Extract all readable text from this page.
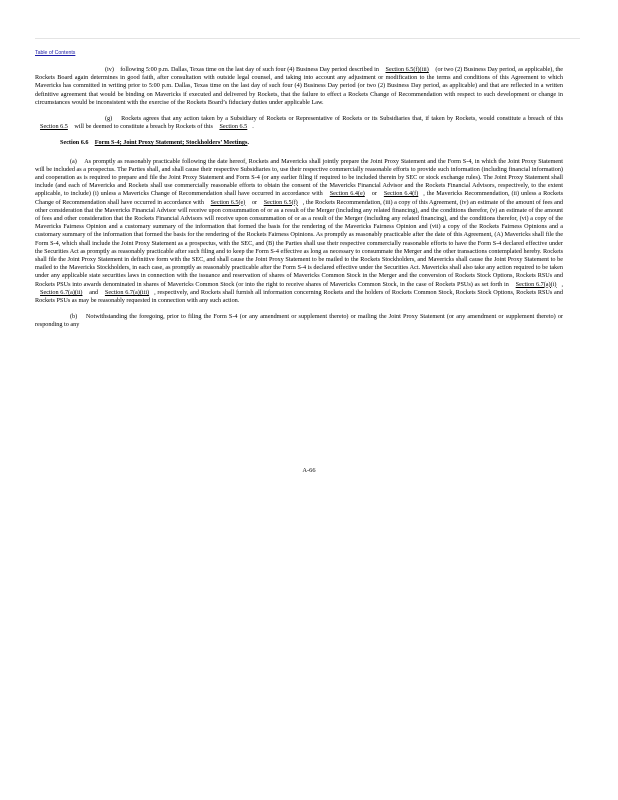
Table of Contents

(iv) following 5:00 p.m. Dallas, Texas time on the last day of such four (4) Business Day period described in Section 6.5(f)(iii) (or two (2) Business Day period, as applicable), the Rockets Board again determines in good faith, after consultation with outside legal counsel, and taking into account any adjustment or modification to the terms and conditions of this Agreement to which Mavericks has committed in writing prior to 5:00 p.m. Dallas, Texas time on the last day of such four (4) Business Day period (or two (2) Business Day period, as applicable) and that are reflected in a written definitive agreement that would be binding on Mavericks if executed and delivered by Rockets, that the failure to effect a Rockets Change of Recommendation with respect to such development or change in circumstances would be inconsistent with the exercise of the Rockets Board’s fiduciary duties under applicable Law.

(g) Rockets agrees that any action taken by a Subsidiary of Rockets or Representative of Rockets or its Subsidiaries that, if taken by Rockets, would constitute a breach of this Section 6.5 will be deemed to constitute a breach by Rockets of this Section 6.5 .

Section 6.6 Form S-4; Joint Proxy Statement; Stockholders’ Meetings.

(a) As promptly as reasonably practicable following the date hereof, Rockets and Mavericks shall jointly prepare the Joint Proxy Statement and the Form S-4, in which the Joint Proxy Statement will be included as a prospectus. The Parties shall, and shall cause their respective Subsidiaries to, use their respective commercially reasonable efforts to provide such information (including financial information) and cooperation as is required to prepare and file the Joint Proxy Statement and Form S-4 (or any earlier filing if required to be included therein by SEC or stock exchange rules). The Joint Proxy Statement shall include (and each of Mavericks and Rockets shall use commercially reasonable efforts to obtain the consent of the Mavericks Financial Advisor and the Rockets Financial Advisors, respectively, to the extent applicable, to include) (i) unless a Mavericks Change of Recommendation shall have occurred in accordance with Section 6.4(e) or Section 6.4(f) , the Mavericks Recommendation, (ii) unless a Rockets Change of Recommendation shall have occurred in accordance with Section 6.5(e) or Section 6.5(f) , the Rockets Recommendation, (iii) a copy of this Agreement, (iv) an estimate of the amount of fees and other consideration that the Mavericks Financial Advisor will receive upon consummation of or as a result of the Merger (including any related financing), and the conditions therefor, (v) an estimate of the amount of fees and other consideration that the Rockets Financial Advisors will receive upon consummation of or as a result of the Merger (including any related financing), and the conditions therefor, (vi) a copy of the Mavericks Fairness Opinion and a customary summary of the information that formed the basis for the rendering of the Mavericks Fairness Opinion and (vii) a copy of the Rockets Fairness Opinions and a customary summary of the information that formed the basis for the rendering of the Rockets Fairness Opinions. As promptly as reasonably practicable after the date of this Agreement, (A) Mavericks shall file the Form S-4, which shall include the Joint Proxy Statement as a prospectus, with the SEC, and (B) the Parties shall use their respective commercially reasonable efforts to have the Form S-4 declared effective under the Securities Act as promptly as reasonably practicable after such filing and to keep the Form S-4 effective as long as necessary to consummate the Merger and the other transactions contemplated hereby. Rockets shall file the Joint Proxy Statement in definitive form with the SEC, and shall cause the Joint Proxy Statement to be mailed to the Rockets Stockholders, and Mavericks shall cause the Joint Proxy Statement to be mailed to the Mavericks Stockholders, in each case, as promptly as reasonably practicable after the Form S-4 is declared effective under the Securities Act. Mavericks shall also take any action required to be taken under any applicable state securities laws in connection with the issuance and reservation of shares of Mavericks Common Stock in the Merger and the conversion of Rockets Stock Options, Rockets RSUs and Rockets PSUs into awards denominated in shares of Mavericks Common Stock (or into the right to receive shares of Mavericks Common Stock, in the case of Rockets PSUs) as set forth in Section 6.7(a)(i) , Section 6.7(a)(ii) and Section 6.7(a)(iii) , respectively, and Rockets shall furnish all information concerning Rockets and the holders of Rockets Common Stock, Rockets Stock Options, Rockets RSUs and Rockets PSUs as may be reasonably requested in connection with any such action.

(b) Notwithstanding the foregoing, prior to filing the Form S-4 (or any amendment or supplement thereto) or mailing the Joint Proxy Statement (or any amendment or supplement thereto) or responding to any

A-66
